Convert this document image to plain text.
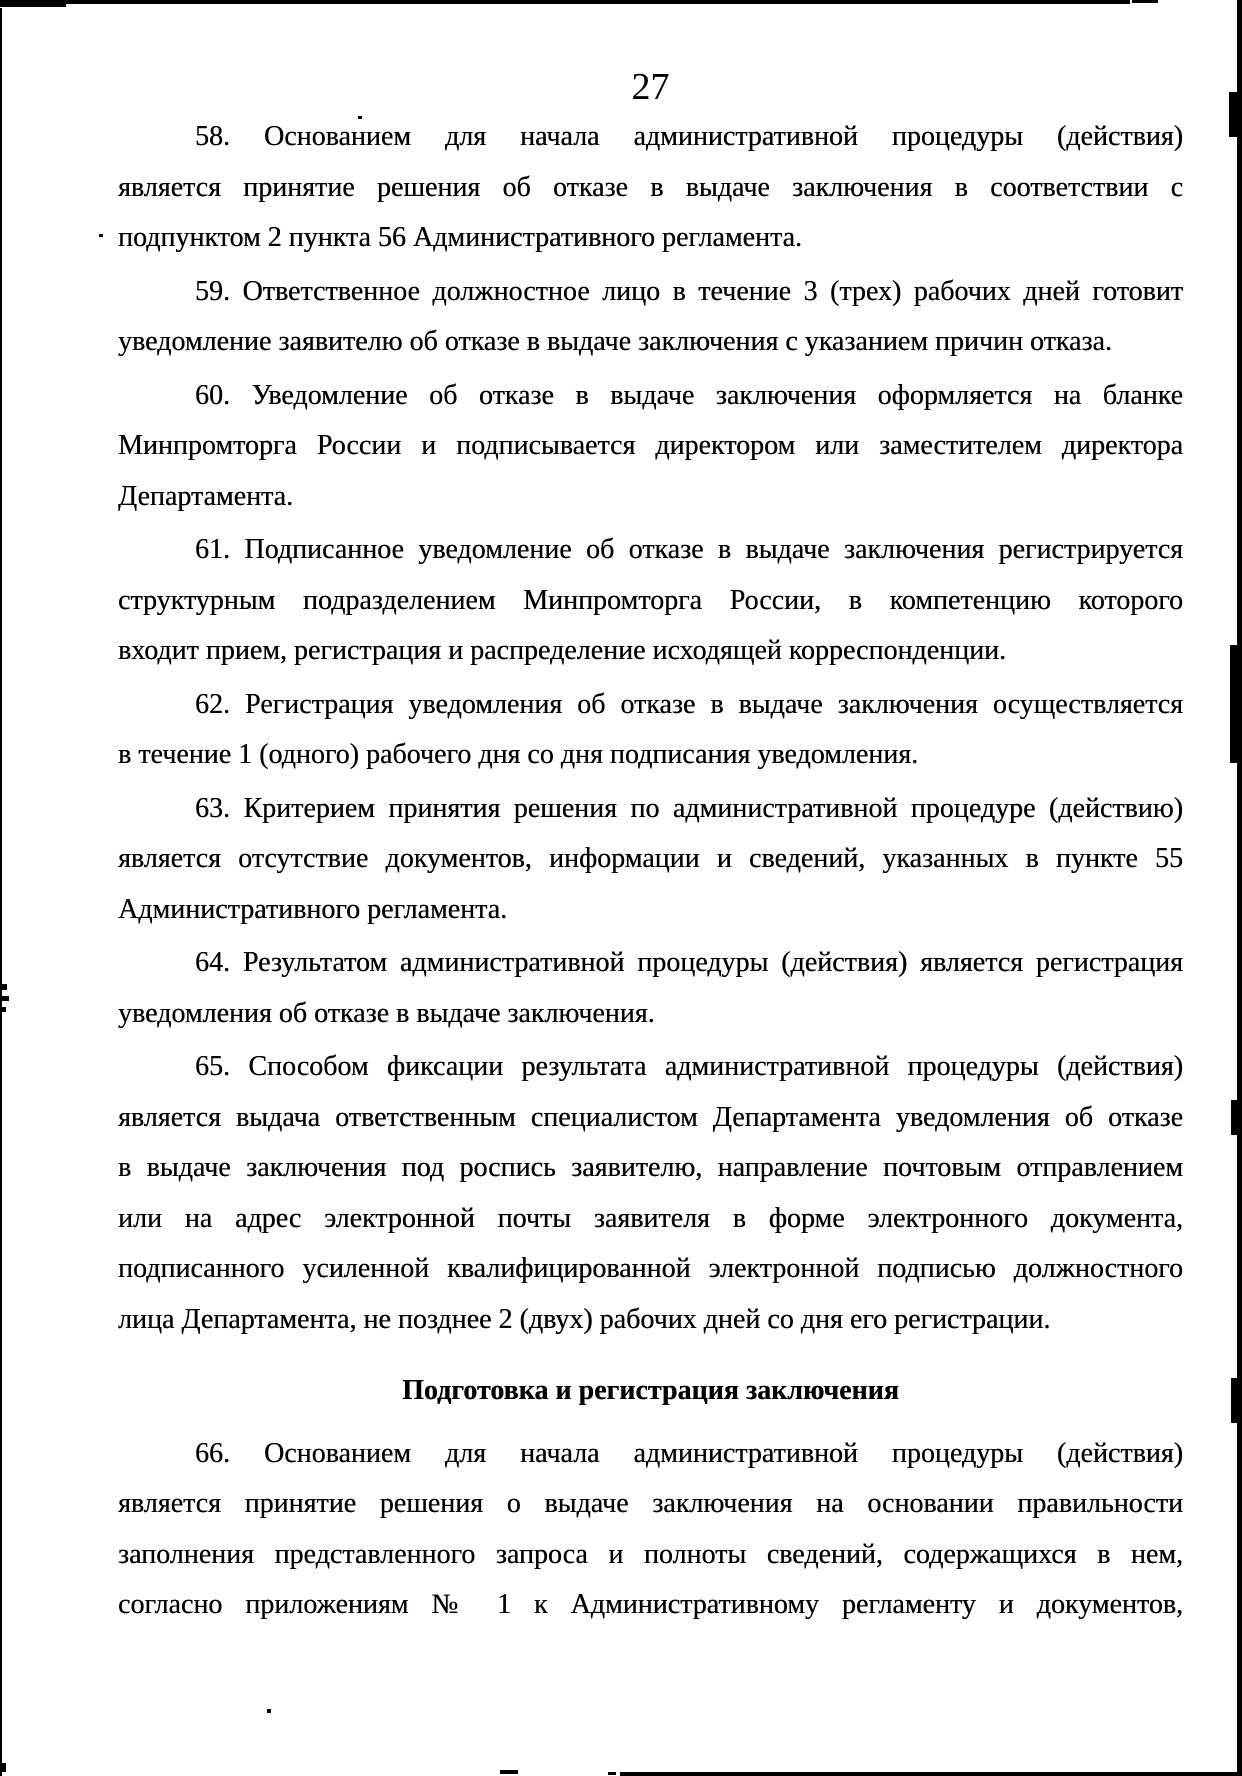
27
58. Основанием для начала административной процедуры (действия)
является принятие решения об отказе в выдаче заключения в соответствии с
подпунктом 2 пункта 56 Административного регламента.
59. Ответственное должностное лицо в течение 3 (трех) рабочих дней готовит
уведомление заявителю об отказе в выдаче заключения с указанием причин отказа.
60. Уведомление об отказе в выдаче заключения оформляется на бланке
Минпромторга России и подписывается директором или заместителем директора
Департамента.
61. Подписанное уведомление об отказе в выдаче заключения регистрируется
структурным подразделением Минпромторга России, в компетенцию которого
входит прием, регистрация и распределение исходящей корреспонденции.
62. Регистрация уведомления об отказе в выдаче заключения осуществляется
в течение 1 (одного) рабочего дня со дня подписания уведомления.
63. Критерием принятия решения по административной процедуре (действию)
является отсутствие документов, информации и сведений, указанных в пункте 55
Административного регламента.
64. Результатом административной процедуры (действия) является регистрация
уведомления об отказе в выдаче заключения.
65. Способом фиксации результата административной процедуры (действия)
является выдача ответственным специалистом Департамента уведомления об отказе
в выдаче заключения под роспись заявителю, направление почтовым отправлением
или на адрес электронной почты заявителя в форме электронного документа,
подписанного усиленной квалифицированной электронной подписью должностного
лица Департамента, не позднее 2 (двух) рабочих дней со дня его регистрации.
Подготовка и регистрация заключения
66. Основанием для начала административной процедуры (действия)
является принятие решения о выдаче заключения на основании правильности
заполнения представленного запроса и полноты сведений, содержащихся в нем,
согласно приложениям № 1 к Административному регламенту и документов,
